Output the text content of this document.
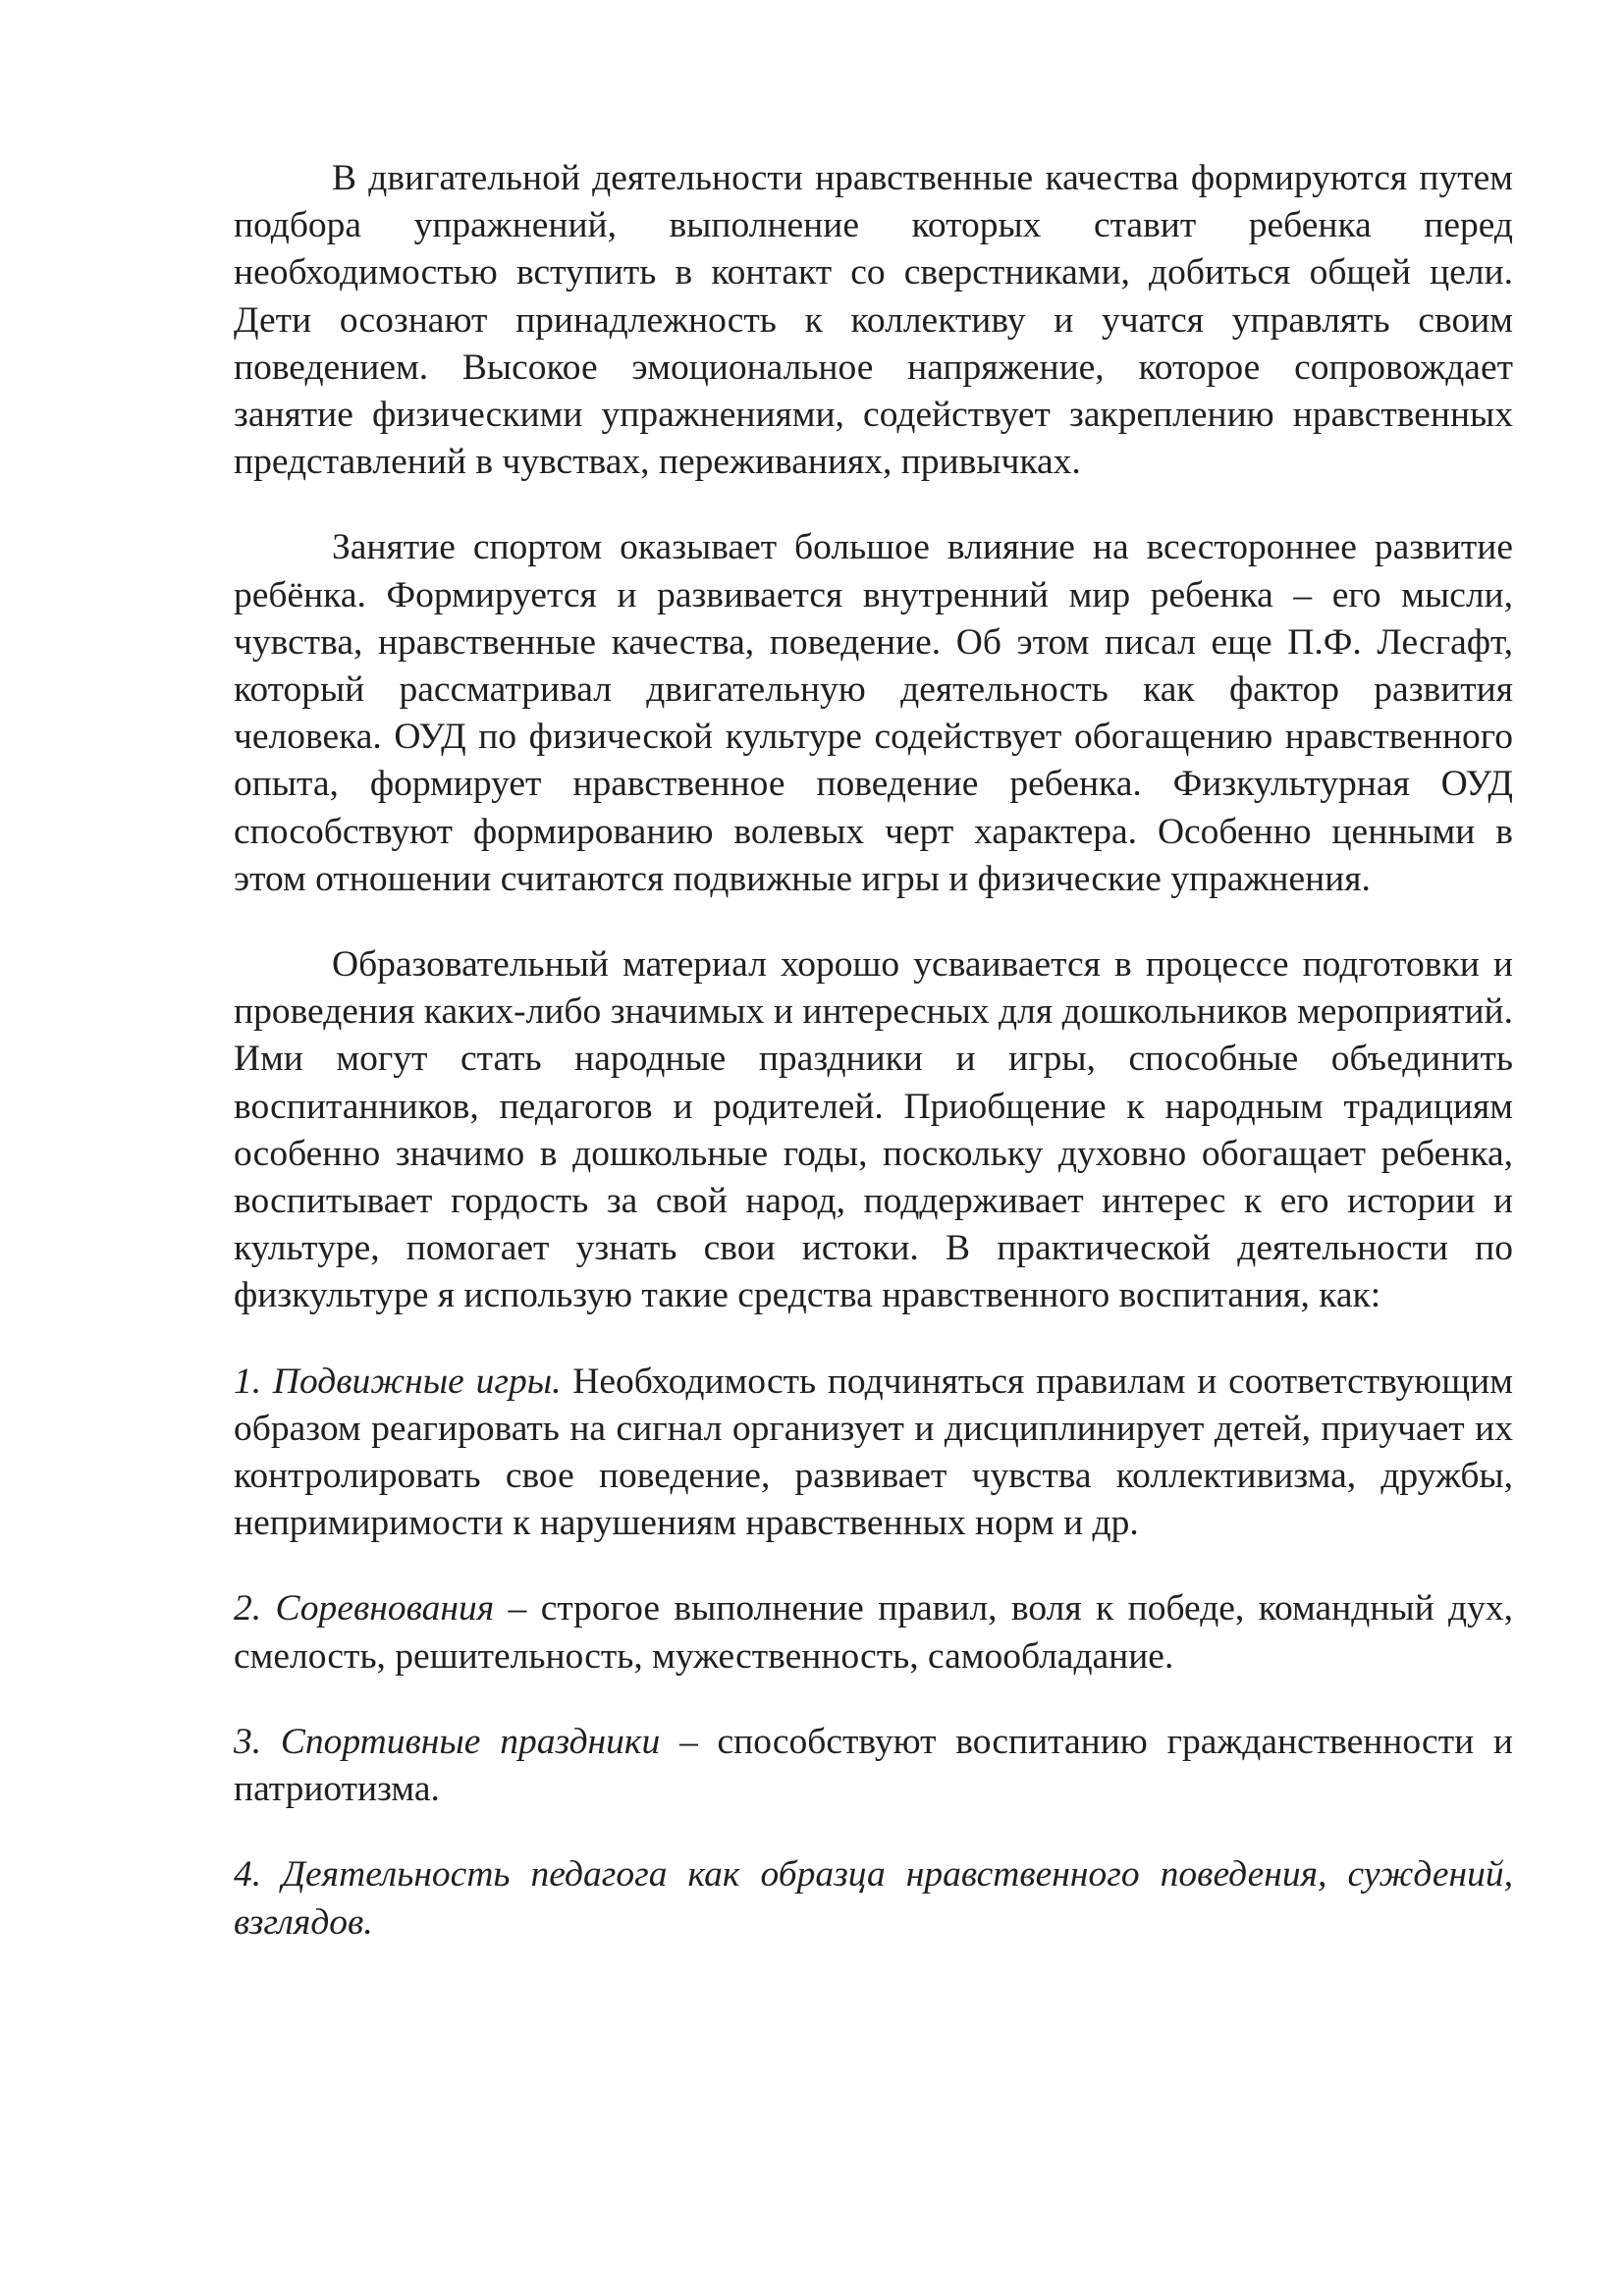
В двигательной деятельности нравственные качества формируются путем подбора упражнений, выполнение которых ставит ребенка перед необходимостью вступить в контакт со сверстниками, добиться общей цели. Дети осознают принадлежность к коллективу и учатся управлять своим поведением. Высокое эмоциональное напряжение, которое сопровождает занятие физическими упражнениями, содействует закреплению нравственных представлений в чувствах, переживаниях, привычках.

Занятие спортом оказывает большое влияние на всестороннее развитие ребёнка. Формируется и развивается внутренний мир ребенка – его мысли, чувства, нравственные качества, поведение. Об этом писал еще П.Ф. Лесгафт, который рассматривал двигательную деятельность как фактор развития человека. ОУД по физической культуре содействует обогащению нравственного опыта, формирует нравственное поведение ребенка. Физкультурная ОУД способствуют формированию волевых черт характера. Особенно ценными в этом отношении считаются подвижные игры и физические упражнения.

Образовательный материал хорошо усваивается в процессе подготовки и проведения каких-либо значимых и интересных для дошкольников мероприятий. Ими могут стать народные праздники и игры, способные объединить воспитанников, педагогов и родителей. Приобщение к народным традициям особенно значимо в дошкольные годы, поскольку духовно обогащает ребенка, воспитывает гордость за свой народ, поддерживает интерес к его истории и культуре, помогает узнать свои истоки. В практической деятельности по физкультуре я использую такие средства нравственного воспитания, как:

1. Подвижные игры. Необходимость подчиняться правилам и соответствующим образом реагировать на сигнал организует и дисциплинирует детей, приучает их контролировать свое поведение, развивает чувства коллективизма, дружбы, непримиримости к нарушениям нравственных норм и др.

2. Соревнования – строгое выполнение правил, воля к победе, командный дух, смелость, решительность, мужественность, самообладание.

3. Спортивные праздники – способствуют воспитанию гражданственности и патриотизма.

4. Деятельность педагога как образца нравственного поведения, суждений, взглядов.
